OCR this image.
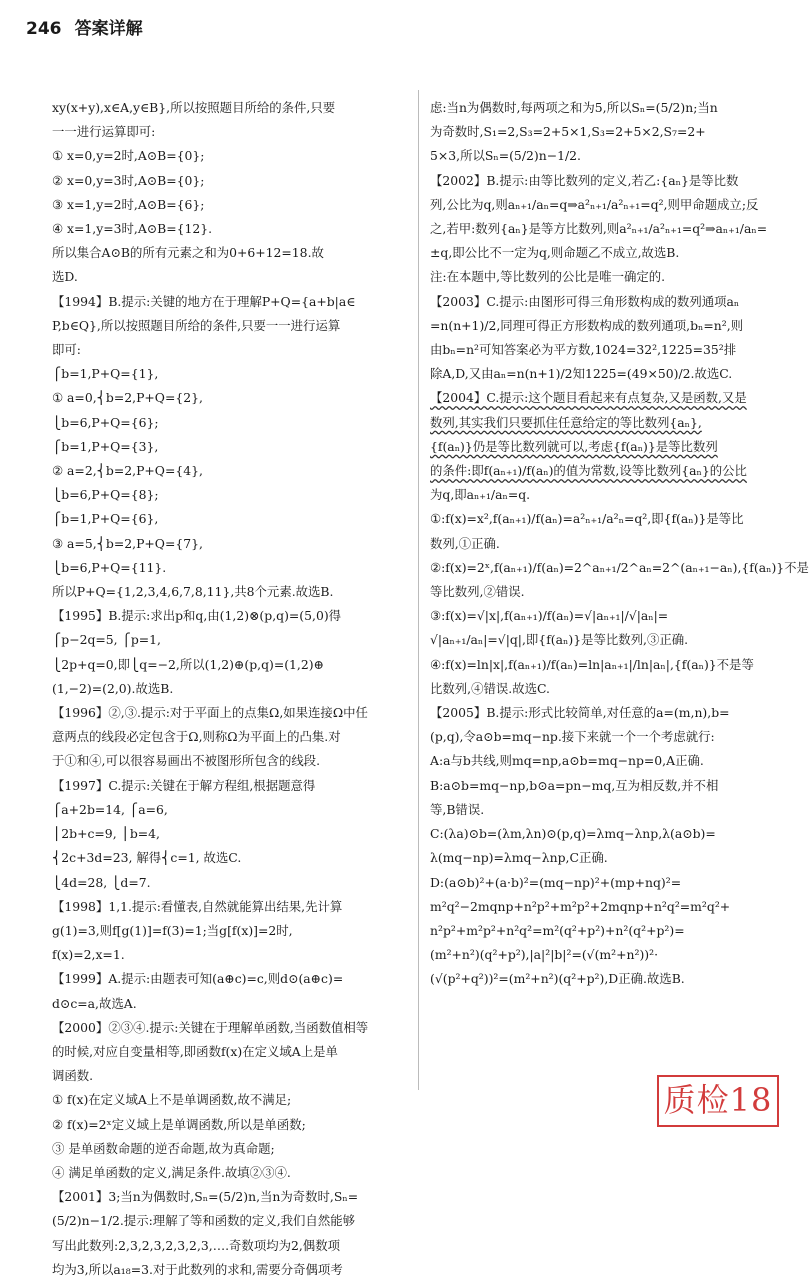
246 答案详解
xy(x+y),x∈A,y∈B},所以按照题目所给的条件,只要
一一进行运算即可:
① x=0,y=2时,A⊙B={0};
② x=0,y=3时,A⊙B={0};
③ x=1,y=2时,A⊙B={6};
④ x=1,y=3时,A⊙B={12}.
所以集合A⊙B的所有元素之和为0+6+12=18.故
选D.
【1994】B.提示:关键的地方在于理解P+Q={a+b|a∈
P,b∈Q},所以按照题目所给的条件,只要一一进行运算
即可:
⎧b=1,P+Q={1},
① a=0,⎨b=2,P+Q={2},
⎩b=6,P+Q={6};
⎧b=1,P+Q={3},
② a=2,⎨b=2,P+Q={4},
⎩b=6,P+Q={8};
⎧b=1,P+Q={6},
③ a=5,⎨b=2,P+Q={7},
⎩b=6,P+Q={11}.
所以P+Q={1,2,3,4,6,7,8,11},共8个元素.故选B.
【1995】B.提示:求出p和q,由(1,2)⊗(p,q)=(5,0)得
⎧p−2q=5, ⎧p=1,
⎩2p+q=0,即⎩q=−2,所以(1,2)⊕(p,q)=(1,2)⊕
(1,−2)=(2,0).故选B.
【1996】②,③.提示:对于平面上的点集Ω,如果连接Ω中任
意两点的线段必定包含于Ω,则称Ω为平面上的凸集.对
于①和④,可以很容易画出不被图形所包含的线段.
【1997】C.提示:关键在于解方程组,根据题意得
⎧a+2b=14, ⎧a=6,
⎪2b+c=9, ⎪b=4,
⎨2c+3d=23, 解得⎨c=1, 故选C.
⎩4d=28, ⎩d=7.
【1998】1,1.提示:看懂表,自然就能算出结果,先计算
g(1)=3,则f[g(1)]=f(3)=1;当g[f(x)]=2时,
f(x)=2,x=1.
【1999】A.提示:由题表可知(a⊕c)=c,则d⊙(a⊕c)=
d⊙c=a,故选A.
【2000】②③④.提示:关键在于理解单函数,当函数值相等
的时候,对应自变量相等,即函数f(x)在定义域A上是单
调函数.
① f(x)在定义域A上不是单调函数,故不满足;
② f(x)=2ˣ定义域上是单调函数,所以是单函数;
③ 是单函数命题的逆否命题,故为真命题;
④ 满足单函数的定义,满足条件.故填②③④.
【2001】3;当n为偶数时,Sₙ=(5/2)n,当n为奇数时,Sₙ=
(5/2)n−1/2.提示:理解了等和函数的定义,我们自然能够
写出此数列:2,3,2,3,2,3,2,3,….奇数项均为2,偶数项
均为3,所以a₁₈=3.对于此数列的求和,需要分奇偶项考
虑:当n为偶数时,每两项之和为5,所以Sₙ=(5/2)n;当n
为奇数时,S₁=2,S₃=2+5×1,S₃=2+5×2,S₇=2+
5×3,所以Sₙ=(5/2)n−1/2.
【2002】B.提示:由等比数列的定义,若乙:{aₙ}是等比数
列,公比为q,则aₙ₊₁/aₙ=q⇒a²ₙ₊₁/a²ₙ₊₁=q²,则甲命题成立;反
之,若甲:数列{aₙ}是等方比数列,则a²ₙ₊₁/a²ₙ₊₁=q²⇒aₙ₊₁/aₙ=
±q,即公比不一定为q,则命题乙不成立,故选B.
注:在本题中,等比数列的公比是唯一确定的.
【2003】C.提示:由图形可得三角形数构成的数列通项aₙ
=n(n+1)/2,同理可得正方形数构成的数列通项,bₙ=n²,则
由bₙ=n²可知答案必为平方数,1024=32²,1225=35²排
除A,D,又由aₙ=n(n+1)/2知1225=(49×50)/2.故选C.
【2004】C.提示:这个题目看起来有点复杂,又是函数,又是
数列,其实我们只要抓住任意给定的等比数列{aₙ},
{f(aₙ)}仍是等比数列就可以,考虑{f(aₙ)}是等比数列
的条件:即f(aₙ₊₁)/f(aₙ)的值为常数,设等比数列{aₙ}的公比
为q,即aₙ₊₁/aₙ=q.
①:f(x)=x²,f(aₙ₊₁)/f(aₙ)=a²ₙ₊₁/a²ₙ=q²,即{f(aₙ)}是等比
数列,①正确.
②:f(x)=2ˣ,f(aₙ₊₁)/f(aₙ)=2^aₙ₊₁/2^aₙ=2^(aₙ₊₁−aₙ),{f(aₙ)}不是
等比数列,②错误.
③:f(x)=√|x|,f(aₙ₊₁)/f(aₙ)=√|aₙ₊₁|/√|aₙ|=
√|aₙ₊₁/aₙ|=√|q|,即{f(aₙ)}是等比数列,③正确.
④:f(x)=ln|x|,f(aₙ₊₁)/f(aₙ)=ln|aₙ₊₁|/ln|aₙ|,{f(aₙ)}不是等
比数列,④错误.故选C.
【2005】B.提示:形式比较简单,对任意的a=(m,n),b=
(p,q),令a⊙b=mq−np.接下来就一个一个考虑就行:
A:a与b共线,则mq=np,a⊙b=mq−np=0,A正确.
B:a⊙b=mq−np,b⊙a=pn−mq,互为相反数,并不相
等,B错误.
C:(λa)⊙b=(λm,λn)⊙(p,q)=λmq−λnp,λ(a⊙b)=
λ(mq−np)=λmq−λnp,C正确.
D:(a⊙b)²+(a·b)²=(mq−np)²+(mp+nq)²=
m²q²−2mqnp+n²p²+m²p²+2mqnp+n²q²=m²q²+
n²p²+m²p²+n²q²=m²(q²+p²)+n²(q²+p²)=
(m²+n²)(q²+p²),|a|²|b|²=(√(m²+n²))²·
(√(p²+q²))²=(m²+n²)(q²+p²),D正确.故选B.
质检18
